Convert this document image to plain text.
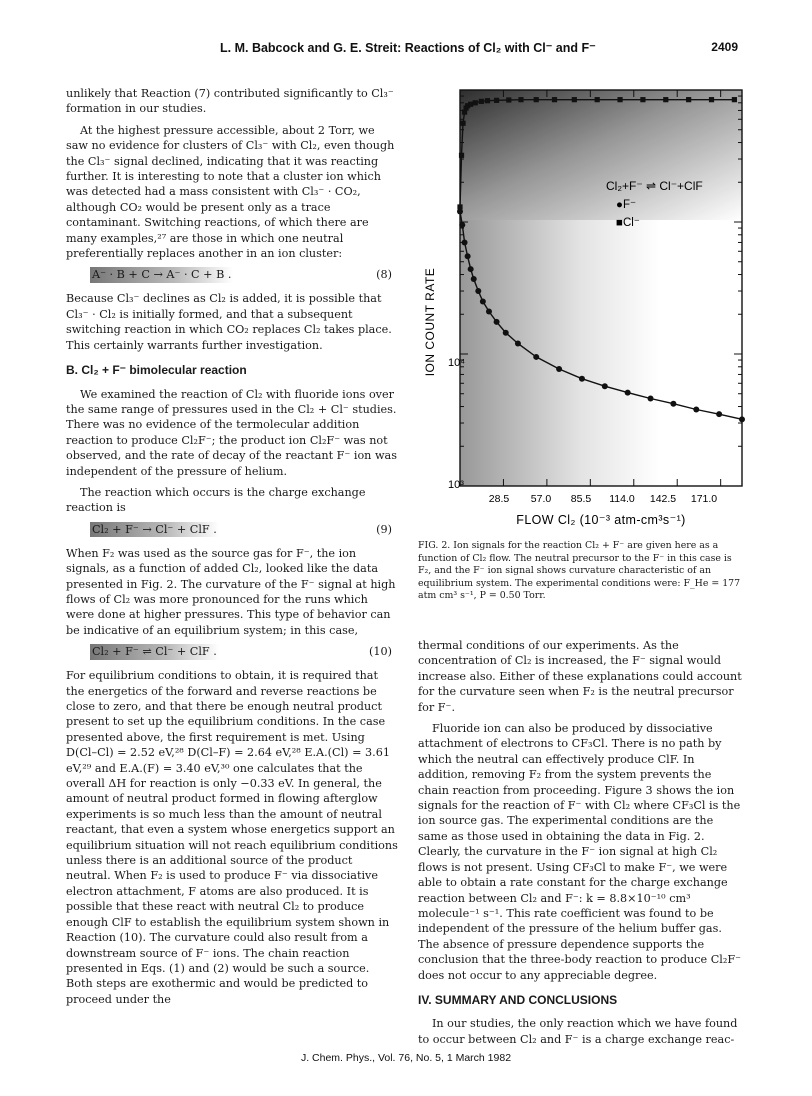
L. M. Babcock and G. E. Streit: Reactions of Cl₂ with Cl⁻ and F⁻	2409

unlikely that Reaction (7) contributed significantly to Cl₃⁻ formation in our studies.

At the highest pressure accessible, about 2 Torr, we saw no evidence for clusters of Cl₃⁻ with Cl₂, even though the Cl₃⁻ signal declined, indicating that it was reacting further. It is interesting to note that a cluster ion which was detected had a mass consistent with Cl₃⁻ · CO₂, although CO₂ would be present only as a trace contaminant. Switching reactions, of which there are many examples,²⁷ are those in which one neutral preferentially replaces another in an ion cluster:

A⁻ · B + C → A⁻ · C + B .	(8)

Because Cl₃⁻ declines as Cl₂ is added, it is possible that Cl₃⁻ · Cl₂ is initially formed, and that a subsequent switching reaction in which CO₂ replaces Cl₂ takes place. This certainly warrants further investigation.

B. Cl₂ + F⁻ bimolecular reaction

We examined the reaction of Cl₂ with fluoride ions over the same range of pressures used in the Cl₂ + Cl⁻ studies. There was no evidence of the termolecular addition reaction to produce Cl₂F⁻; the product ion Cl₂F⁻ was not observed, and the rate of decay of the reactant F⁻ ion was independent of the pressure of helium.

The reaction which occurs is the charge exchange reaction is

Cl₂ + F⁻ → Cl⁻ + ClF .	(9)

When F₂ was used as the source gas for F⁻, the ion signals, as a function of added Cl₂, looked like the data presented in Fig. 2. The curvature of the F⁻ signal at high flows of Cl₂ was more pronounced for the runs which were done at higher pressures. This type of behavior can be indicative of an equilibrium system; in this case,

Cl₂ + F⁻ ⇌ Cl⁻ + ClF .	(10)

For equilibrium conditions to obtain, it is required that the energetics of the forward and reverse reactions be close to zero, and that there be enough neutral product present to set up the equilibrium conditions. In the case presented above, the first requirement is met. Using D(Cl–Cl) = 2.52 eV,²⁸ D(Cl–F) = 2.64 eV,²⁸ E.A.(Cl) = 3.61 eV,²⁹ and E.A.(F) = 3.40 eV,³⁰ one calculates that the overall ΔH for reaction is only −0.33 eV. In general, the amount of neutral product formed in flowing afterglow experiments is so much less than the amount of neutral reactant, that even a system whose energetics support an equilibrium situation will not reach equilibrium conditions unless there is an additional source of the product neutral. When F₂ is used to produce F⁻ via dissociative electron attachment, F atoms are also produced. It is possible that these react with neutral Cl₂ to produce enough ClF to establish the equilibrium system shown in Reaction (10). The curvature could also result from a downstream source of F⁻ ions. The chain reaction presented in Eqs. (1) and (2) would be such a source. Both steps are exothermic and would be predicted to proceed under the

Cl₂+F⁻ ⇌ Cl⁻+ClF
●F⁻
■Cl⁻
ION COUNT RATE
10³
10⁴
28.5 57.0 85.5 114.0 142.5 171.0
FLOW Cl₂ (10⁻³ atm-cm³s⁻¹)
FIG. 2. Ion signals for the reaction Cl₂ + F⁻ are given here as a function of Cl₂ flow. The neutral precursor to the F⁻ in this case is F₂, and the F⁻ ion signal shows curvature characteristic of an equilibrium system. The experimental conditions were: F_He = 177 atm cm³ s⁻¹, P = 0.50 Torr.

thermal conditions of our experiments. As the concentration of Cl₂ is increased, the F⁻ signal would increase also. Either of these explanations could account for the curvature seen when F₂ is the neutral precursor for F⁻.

Fluoride ion can also be produced by dissociative attachment of electrons to CF₃Cl. There is no path by which the neutral can effectively produce ClF. In addition, removing F₂ from the system prevents the chain reaction from proceeding. Figure 3 shows the ion signals for the reaction of F⁻ with Cl₂ where CF₃Cl is the ion source gas. The experimental conditions are the same as those used in obtaining the data in Fig. 2. Clearly, the curvature in the F⁻ ion signal at high Cl₂ flows is not present. Using CF₃Cl to make F⁻, we were able to obtain a rate constant for the charge exchange reaction between Cl₂ and F⁻: k = 8.8×10⁻¹⁰ cm³ molecule⁻¹ s⁻¹. This rate coefficient was found to be independent of the pressure of the helium buffer gas. The absence of pressure dependence supports the conclusion that the three-body reaction to produce Cl₂F⁻ does not occur to any appreciable degree.

IV. SUMMARY AND CONCLUSIONS

In our studies, the only reaction which we have found to occur between Cl₂ and F⁻ is a charge exchange reac-

J. Chem. Phys., Vol. 76, No. 5, 1 March 1982
